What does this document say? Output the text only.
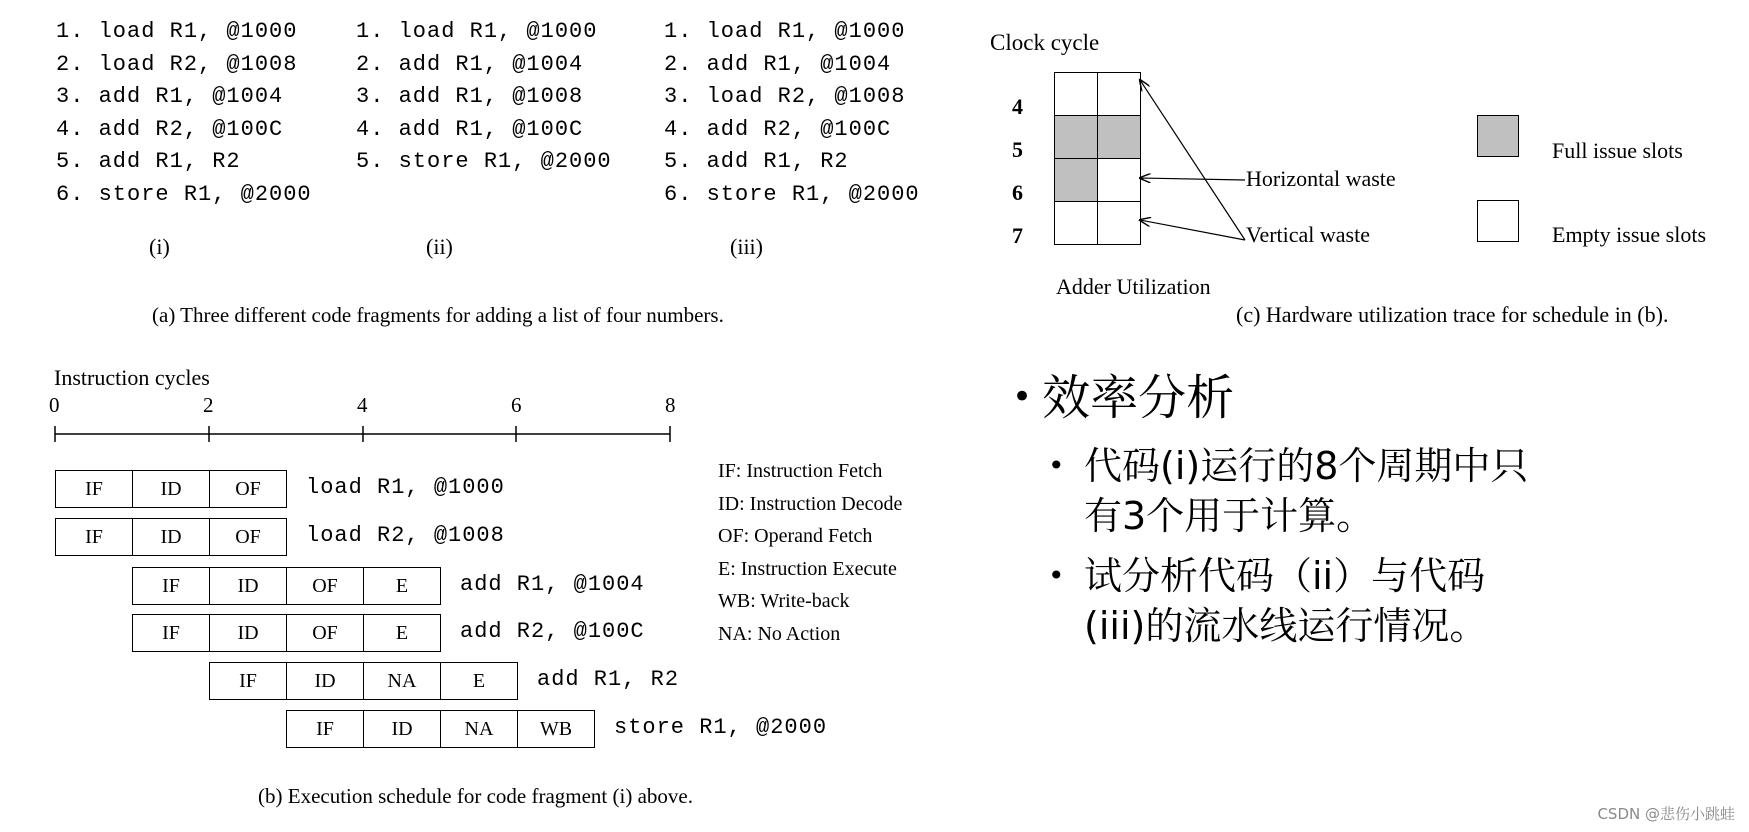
1. load R1, @1000
2. load R2, @1008
3. add R1, @1004
4. add R2, @100C
5. add R1, R2
6. store R1, @2000
1. load R1, @1000
2. add R1, @1004
3. add R1, @1008
4. add R1, @100C
5. store R1, @2000
1. load R1, @1000
2. add R1, @1004
3. load R2, @1008
4. add R2, @100C
5. add R1, R2
6. store R1, @2000
(i)	(ii)	(iii)
(a) Three different code fragments for adding a list of four numbers.
Instruction cycles
0	2	4	6	8
IF	ID	OF	load R1, @1000
IF	ID	OF	load R2, @1008
IF	ID	OF	E	add R1, @1004
IF	ID	OF	E	add R2, @100C
IF	ID	NA	E	add R1, R2
IF	ID	NA	WB	store R1, @2000
IF: Instruction Fetch
ID: Instruction Decode
OF: Operand Fetch
E: Instruction Execute
WB: Write-back
NA: No Action
(b) Execution schedule for code fragment (i) above.
Clock cycle
4
5
6
7
Horizontal waste
Vertical waste
Adder Utilization
Full issue slots
Empty issue slots
(c) Hardware utilization trace for schedule in (b).
• 效率分析
• 代码(i)运行的8个周期中只
有3个用于计算。
• 试分析代码（ii）与代码
(iii)的流水线运行情况。
CSDN @悲伤小跳蛙
